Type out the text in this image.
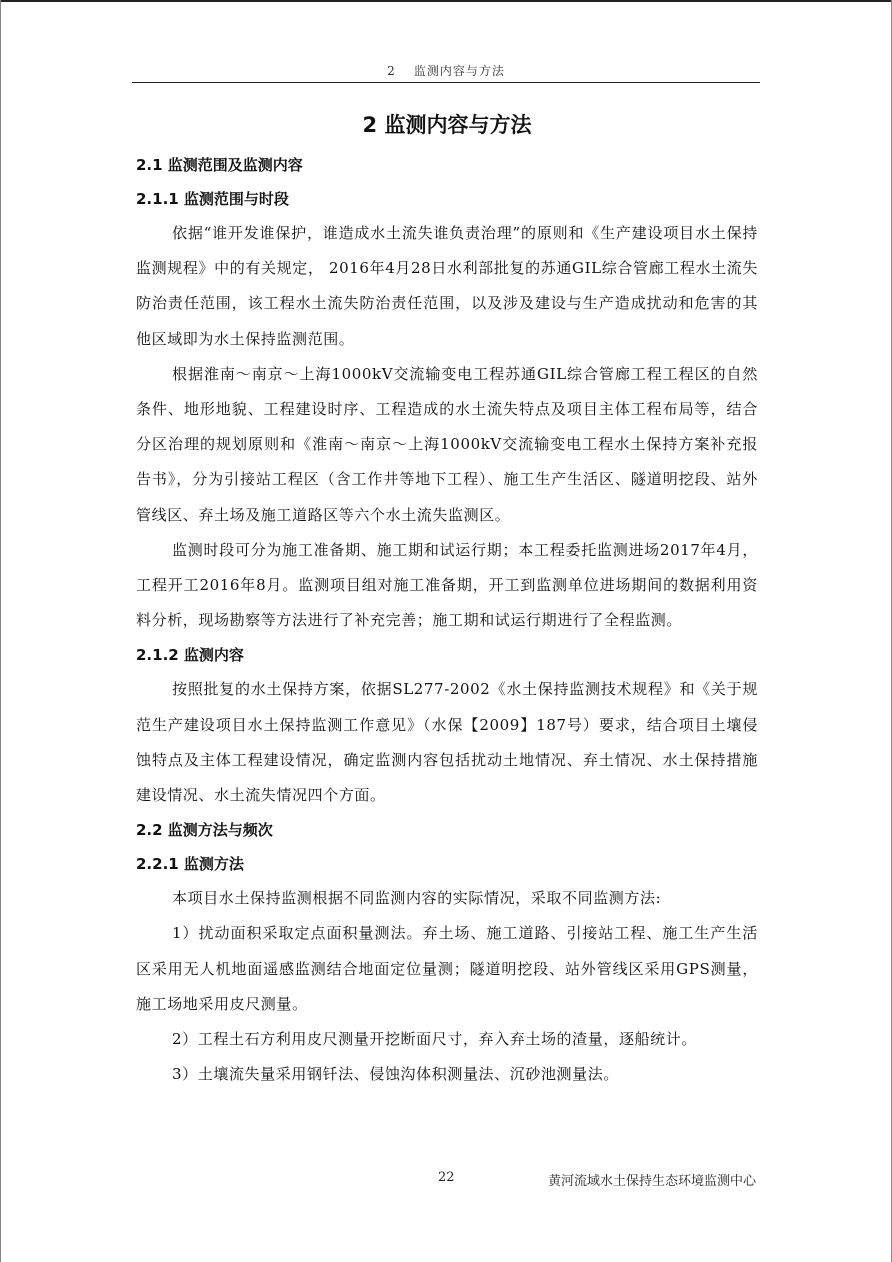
2 监测内容与方法
2 监测内容与方法
2.1 监测范围及监测内容
2.1.1 监测范围与时段

依据“谁开发谁保护，谁造成水土流失谁负责治理”的原则和《生产建设项目水土保持监测规程》中的有关规定， 2016年4月28日水利部批复的苏通GIL综合管廊工程水土流失防治责任范围，该工程水土流失防治责任范围，以及涉及建设与生产造成扰动和危害的其他区域即为水土保持监测范围。

根据淮南～南京～上海1000kV交流输变电工程苏通GIL综合管廊工程工程区的自然条件、地形地貌、工程建设时序、工程造成的水土流失特点及项目主体工程布局等，结合分区治理的规划原则和《淮南～南京～上海1000kV交流输变电工程水土保持方案补充报告书》，分为引接站工程区（含工作井等地下工程）、施工生产生活区、隧道明挖段、站外管线区、弃土场及施工道路区等六个水土流失监测区。

监测时段可分为施工准备期、施工期和试运行期；本工程委托监测进场2017年4月，工程开工2016年8月。监测项目组对施工准备期，开工到监测单位进场期间的数据利用资料分析，现场勘察等方法进行了补充完善；施工期和试运行期进行了全程监测。

2.1.2 监测内容

按照批复的水土保持方案，依据SL277-2002《水土保持监测技术规程》和《关于规范生产建设项目水土保持监测工作意见》（水保【2009】187号）要求，结合项目土壤侵蚀特点及主体工程建设情况，确定监测内容包括扰动土地情况、弃土情况、水土保持措施建设情况、水土流失情况四个方面。

2.2 监测方法与频次
2.2.1 监测方法

本项目水土保持监测根据不同监测内容的实际情况，采取不同监测方法:

1）扰动面积采取定点面积量测法。弃土场、施工道路、引接站工程、施工生产生活区采用无人机地面遥感监测结合地面定位量测；隧道明挖段、站外管线区采用GPS测量，施工场地采用皮尺测量。

2）工程土石方利用皮尺测量开挖断面尺寸，弃入弃土场的渣量，逐船统计。

3）土壤流失量采用钢钎法、侵蚀沟体积测量法、沉砂池测量法。

22	黄河流域水土保持生态环境监测中心
